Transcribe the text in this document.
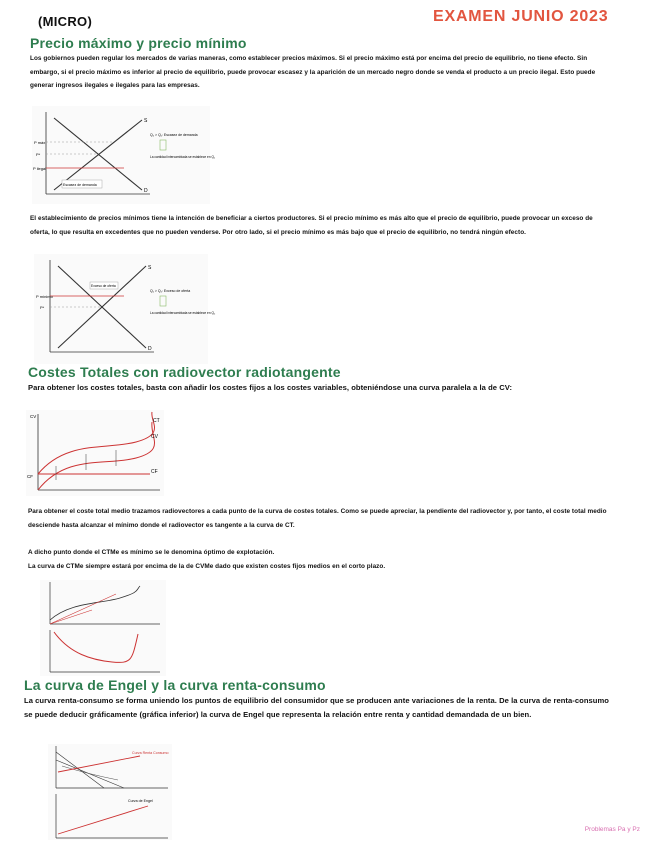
(MICRO)	EXAMEN JUNIO 2023
Precio máximo y precio mínimo
Los gobiernos pueden regular los mercados de varias maneras, como establecer precios máximos. Si el precio máximo está por encima del precio de equilibrio, no tiene efecto. Sin embargo, si el precio máximo es inferior al precio de equilibrio, puede provocar escasez y la aparición de un mercado negro donde se venda el producto a un precio ilegal. Esto puede generar ingresos ilegales e ilegales para las empresas.
Escasez de demanda
P máx
P*
P ilegal
S
D
Q₂ > Q₁: Escasez de demanda
La cantidad intercambiada se establece en Q₁
El establecimiento de precios mínimos tiene la intención de beneficiar a ciertos productores. Si el precio mínimo es más alto que el precio de equilibrio, puede provocar un exceso de oferta, lo que resulta en excedentes que no pueden venderse. Por otro lado, si el precio mínimo es más bajo que el precio de equilibrio, no tendrá ningún efecto.
Exceso de oferta
P mínimo
P*
S
D
Q₁ > Q₂: Exceso de oferta
La cantidad intercambiada se establece en Q₂
Costes Totales con radiovector radiotangente
Para obtener los costes totales, basta con añadir los costes fijos a los costes variables, obteniéndose una curva paralela a la de CV:
CV
CT
CV
CF
CF
Para obtener el coste total medio trazamos radiovectores a cada punto de la curva de costes totales. Como se puede apreciar, la pendiente del radiovector y, por tanto, el coste total medio desciende hasta alcanzar el mínimo donde el radiovector es tangente a la curva de CT.
A dicho punto donde el CTMe es mínimo se le denomina óptimo de explotación.
La curva de CTMe siempre estará por encima de la de CVMe dado que existen costes fijos medios en el corto plazo.
La curva de Engel y la curva renta-consumo
La curva renta-consumo se forma uniendo los puntos de equilibrio del consumidor que se producen ante variaciones de la renta. De la curva de renta-consumo se puede deducir gráficamente (gráfica inferior) la curva de Engel que representa la relación entre renta y cantidad demandada de un bien.
Curva Renta Consumo
Curva de Engel
Problemas Pa y Pz
